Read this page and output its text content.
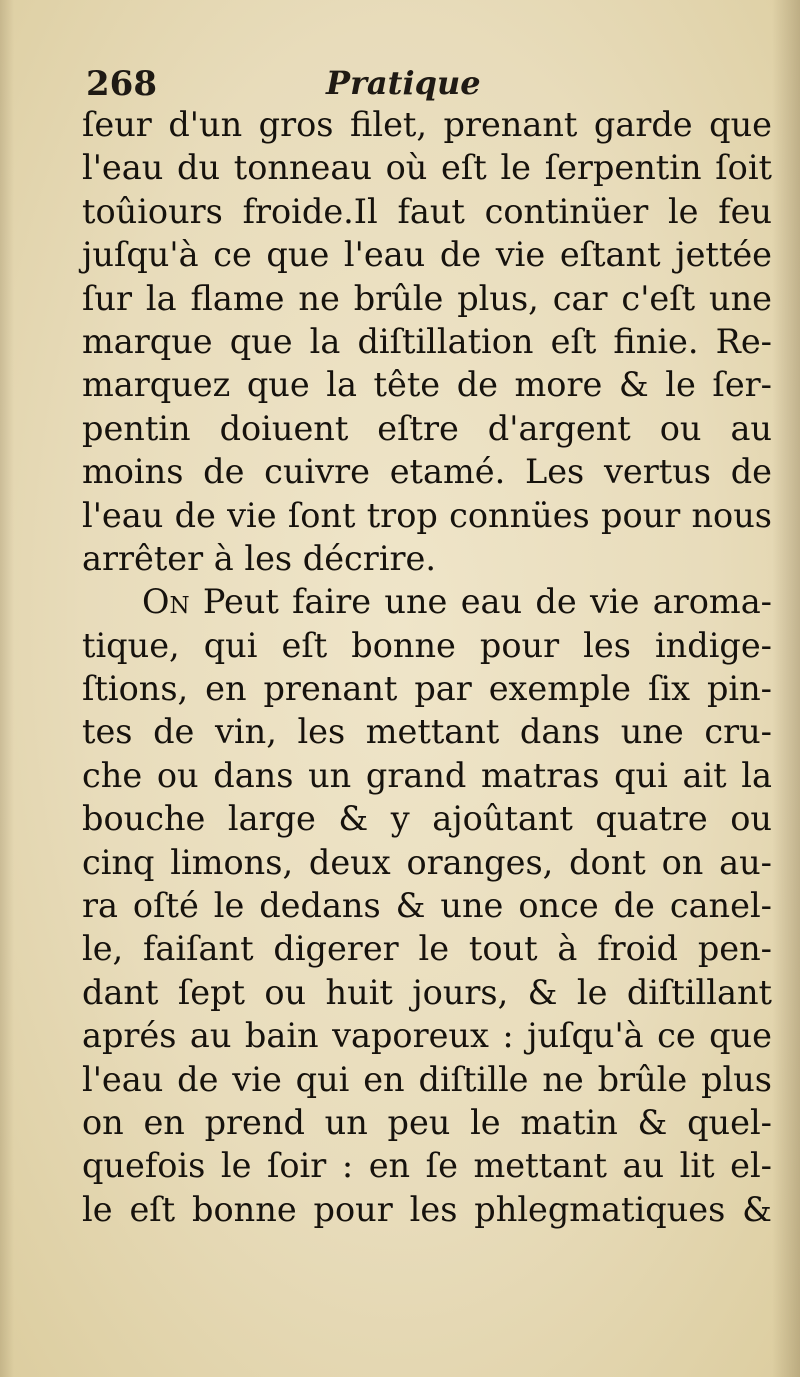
268	Pratique
ſeur d'un gros filet, prenant garde que
l'eau du tonneau où eſt le ſerpentin ſoit
toûiours froide.Il faut continüer le feu
juſqu'à ce que l'eau de vie eſtant jettée
ſur la flame ne brûle plus, car c'eſt une
marque que la diſtillation eſt finie. Re-
marquez que la tête de more & le ſer-
pentin doiuent eſtre d'argent ou au
moins de cuivre etamé. Les vertus de
l'eau de vie ſont trop connües pour nous
arrêter à les décrire.
On Peut faire une eau de vie aroma-
tique, qui eſt bonne pour les indige-
ſtions, en prenant par exemple ſix pin-
tes de vin, les mettant dans une cru-
che ou dans un grand matras qui ait la
bouche large & y ajoûtant quatre ou
cinq limons, deux oranges, dont on au-
ra oſté le dedans & une once de canel-
le, faiſant digerer le tout à froid pen-
dant ſept ou huit jours, & le diſtillant
aprés au bain vaporeux : juſqu'à ce que
l'eau de vie qui en diſtille ne brûle plus
on en prend un peu le matin & quel-
quefois le ſoir : en ſe mettant au lit el-
le eſt bonne pour les phlegmatiques &
